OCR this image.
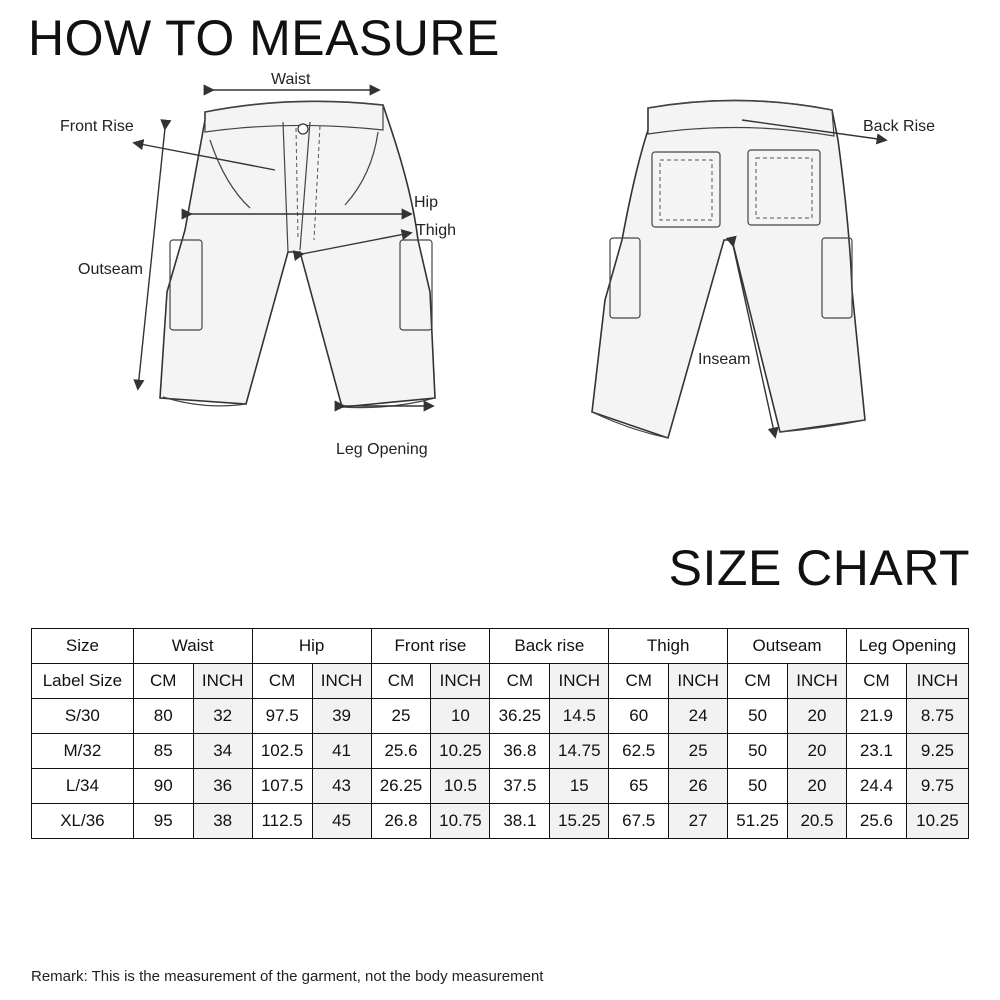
HOW TO MEASURE
Waist
Front Rise
Hip
Thigh
Outseam
Leg Opening
Back Rise
Inseam
SIZE CHART
Size	Waist		Hip		Front rise		Back rise		Thigh		Outseam		Leg Opening	
Label Size	CM	INCH	CM	INCH	CM	INCH	CM	INCH	CM	INCH	CM	INCH	CM	INCH
S/30	80	32	97.5	39	25	10	36.25	14.5	60	24	50	20	21.9	8.75
M/32	85	34	102.5	41	25.6	10.25	36.8	14.75	62.5	25	50	20	23.1	9.25
L/34	90	36	107.5	43	26.25	10.5	37.5	15	65	26	50	20	24.4	9.75
XL/36	95	38	112.5	45	26.8	10.75	38.1	15.25	67.5	27	51.25	20.5	25.6	10.25

Remark: This is the measurement of the garment, not the body measurement
